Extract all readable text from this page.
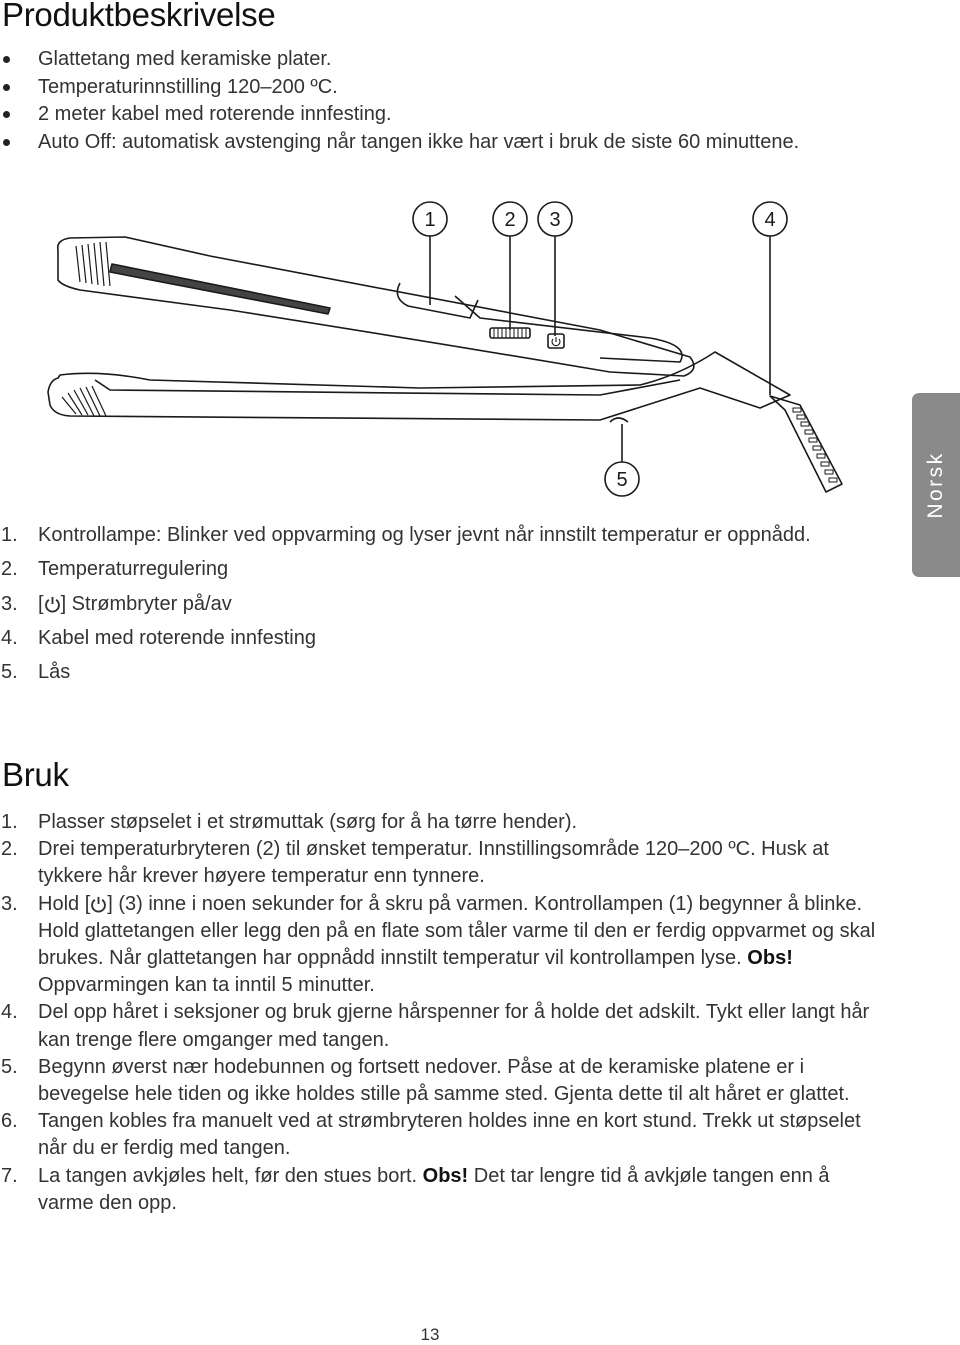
Produktbeskrivelse
Glattetang med keramiske plater.
Temperaturinnstilling 120–200 ºC.
2 meter kabel med roterende innfesting.
Auto Off: automatisk avstenging når tangen ikke har vært i bruk de siste 60 minuttene.
1	2 3	4
5	Norsk
1. Kontrollampe: Blinker ved oppvarming og lyser jevnt når innstilt temperatur er oppnådd.
2. Temperaturregulering
3. [ ] Strømbryter på/av
4. Kabel med roterende innfesting
5. Lås
Bruk
1. Plasser støpselet i et strømuttak (sørg for å ha tørre hender).
2. Drei temperaturbryteren (2) til ønsket temperatur. Innstillingsområde 120–200 ºC. Husk at tykkere hår krever høyere temperatur enn tynnere.
3. Hold [ ] (3) inne i noen sekunder for å skru på varmen. Kontrollampen (1) begynner å blinke. Hold glattetangen eller legg den på en flate som tåler varme til den er ferdig oppvarmet og skal brukes. Når glattetangen har oppnådd innstilt temperatur vil kontrollampen lyse. Obs! Oppvarmingen kan ta inntil 5 minutter.
4. Del opp håret i seksjoner og bruk gjerne hårspenner for å holde det adskilt. Tykt eller langt hår kan trenge flere omganger med tangen.
5. Begynn øverst nær hodebunnen og fortsett nedover. Påse at de keramiske platene er i bevegelse hele tiden og ikke holdes stille på samme sted. Gjenta dette til alt håret er glattet.
6. Tangen kobles fra manuelt ved at strømbryteren holdes inne en kort stund. Trekk ut støpselet når du er ferdig med tangen.
7. La tangen avkjøles helt, før den stues bort. Obs! Det tar lengre tid å avkjøle tangen enn å varme den opp.
13
